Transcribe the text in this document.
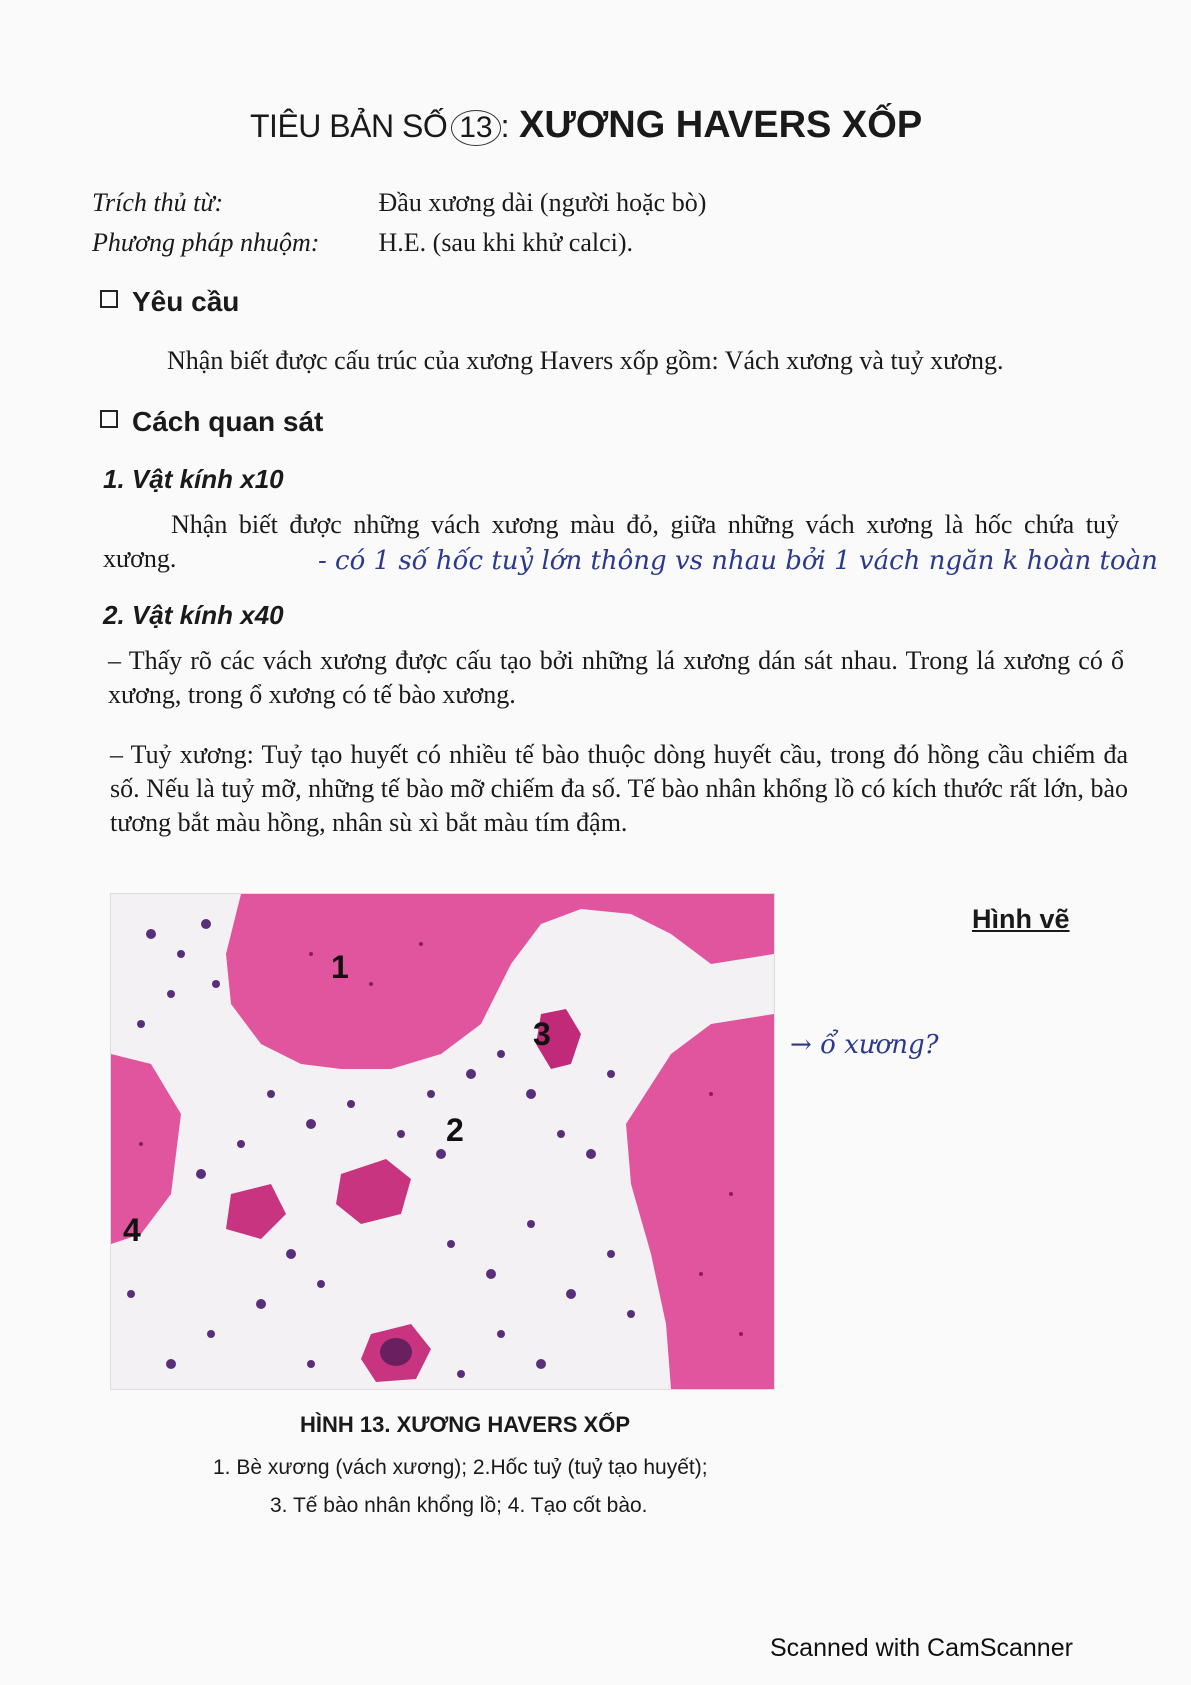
TIÊU BẢN SỐ 13 : XƯƠNG HAVERS XỐP
Trích thủ từ:	Đầu xương dài (người hoặc bò)
Phương pháp nhuộm: H.E. (sau khi khử calci).
Yêu cầu
Nhận biết được cấu trúc của xương Havers xốp gồm: Vách xương và tuỷ xương.
Cách quan sát
1. Vật kính x10
Nhận biết được những vách xương màu đỏ, giữa những vách xương là hốc chứa tuỷ xương.	- có 1 số hốc tuỷ lớn thông vs nhau bởi 1 vách ngăn k hoàn toàn
2. Vật kính x40
– Thấy rõ các vách xương được cấu tạo bởi những lá xương dán sát nhau. Trong lá xương có ổ xương, trong ổ xương có tế bào xương.
– Tuỷ xương: Tuỷ tạo huyết có nhiều tế bào thuộc dòng huyết cầu, trong đó hồng cầu chiếm đa số. Nếu là tuỷ mỡ, những tế bào mỡ chiếm đa số. Tế bào nhân khổng lồ có kích thước rất lớn, bào tương bắt màu hồng, nhân sù xì bắt màu tím đậm.
1
2
3
4
→ ổ xương?
Hình vẽ
HÌNH 13. XƯƠNG HAVERS XỐP
1. Bè xương (vách xương); 2.Hốc tuỷ (tuỷ tạo huyết);
3. Tế bào nhân khổng lồ; 4. Tạo cốt bào.
Scanned with CamScanner
